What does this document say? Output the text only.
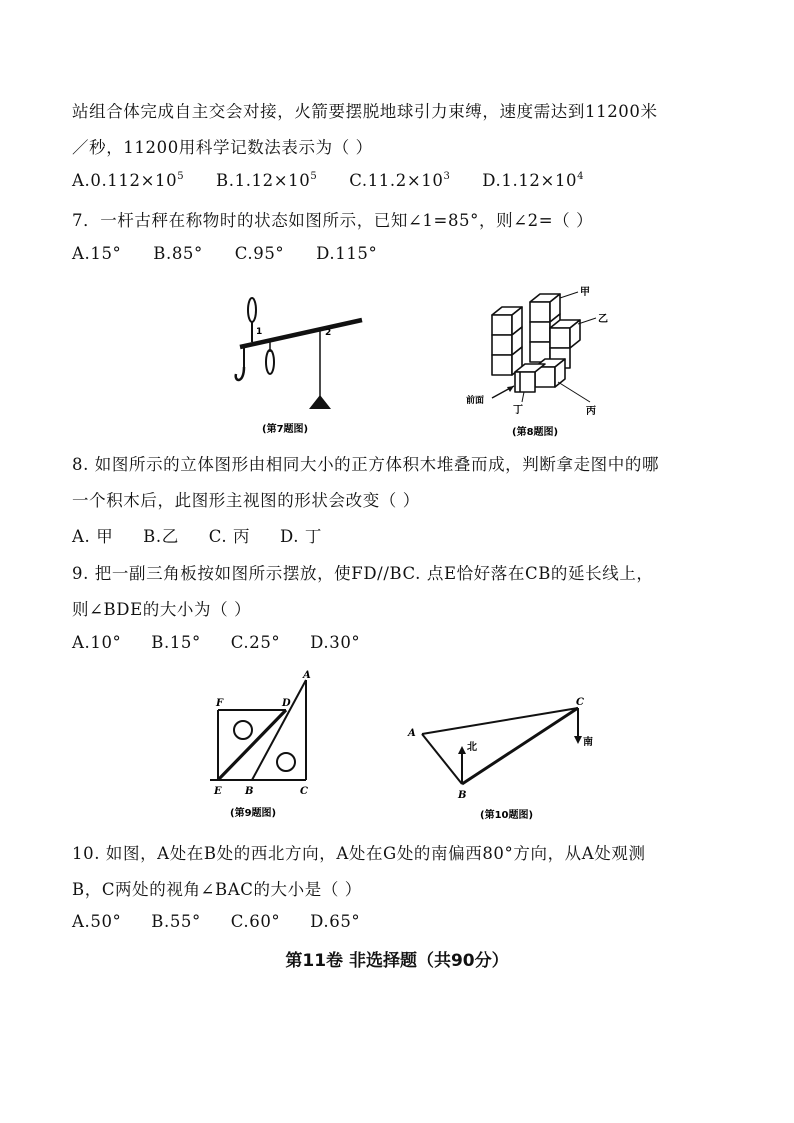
站组合体完成自主交会对接，火箭要摆脱地球引力束缚，速度需达到11200米
／秒，11200用科学记数法表示为（ ）
$A.0.112\times 10^5$ $B.1.12\times 10^5$ $C.11.2\times 10^3$ $D.1.12\times 10^4$
7．一杆古秤在称物时的状态如图所示，已知∠1=85°，则∠2=（ ）
A.15° B.85° C.95° D.115°
1	2
(第7题图)
甲
乙
丙
丁
前面
(第8题图)
8. 如图所示的立体图形由相同大小的正方体积木堆叠而成，判断拿走图中的哪
一个积木后，此图形主视图的形状会改变（ ）
A. 甲 B.乙 C. 丙 D. 丁
9. 把一副三角板按如图所示摆放，使FD//BC. 点E恰好落在CB的延长线上，
则∠BDE的大小为（ ）
A.10° B.15° C.25° D.30°
A
F	D
E B	C
(第9题图)
A
B
C
北	南
(第10题图)
10. 如图，A处在B处的西北方向，A处在G处的南偏西80°方向，从A处观测
B，C两处的视角∠BAC的大小是（ ）
A.50° B.55° C.60° D.65°
第11卷 非选择题（共90分）
